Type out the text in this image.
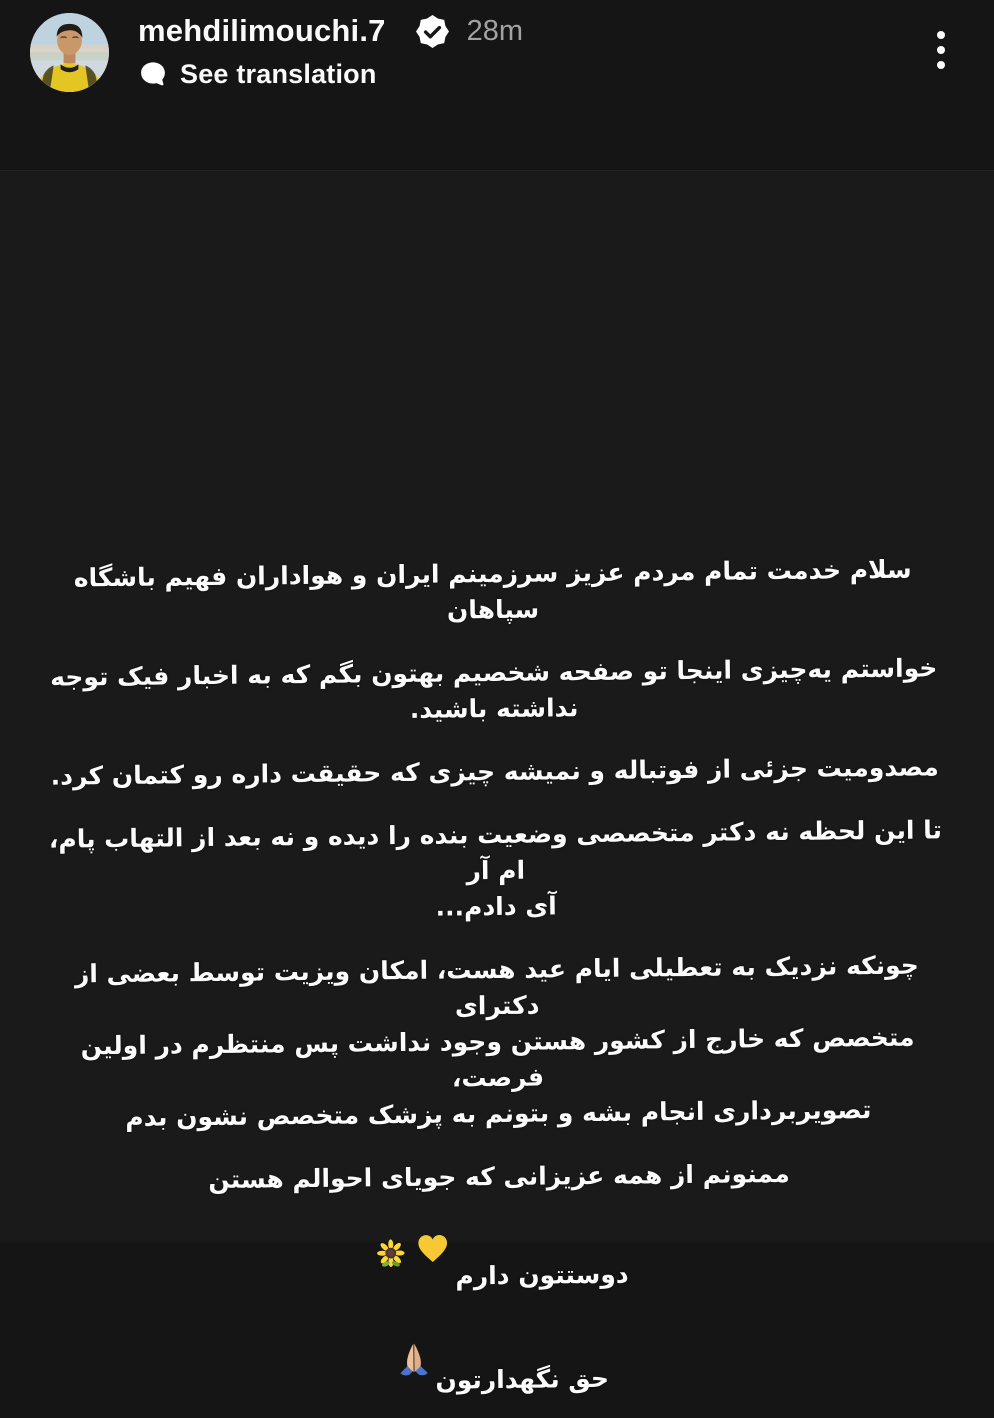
mehdilimouchi.7	28m
See translation

سلام خدمت تمام مردم عزیز سرزمینم ایران و هواداران فهیم باشگاه سپاهان

خواستم یه‌چیزی اینجا تو صفحه شخصیم بهتون بگم که به اخبار فیک توجه
نداشته باشید.

مصدومیت جزئی از فوتباله و نمیشه چیزی که حقیقت داره رو کتمان کرد.

تا این لحظه نه دکتر متخصصی وضعیت بنده را دیده و نه بعد از التهاب پام، ام آر
آی دادم...

چونکه نزدیک به تعطیلی ایام عید هست، امکان ویزیت توسط بعضی از دکترای
متخصص که خارج از کشور هستن وجود نداشت پس منتظرم در اولین فرصت،
تصویربرداری انجام بشه و بتونم به پزشک متخصص نشون بدم

ممنونم از همه عزیزانی که جویای احوالم هستن

دوستتون دارم

حق نگهدارتون
